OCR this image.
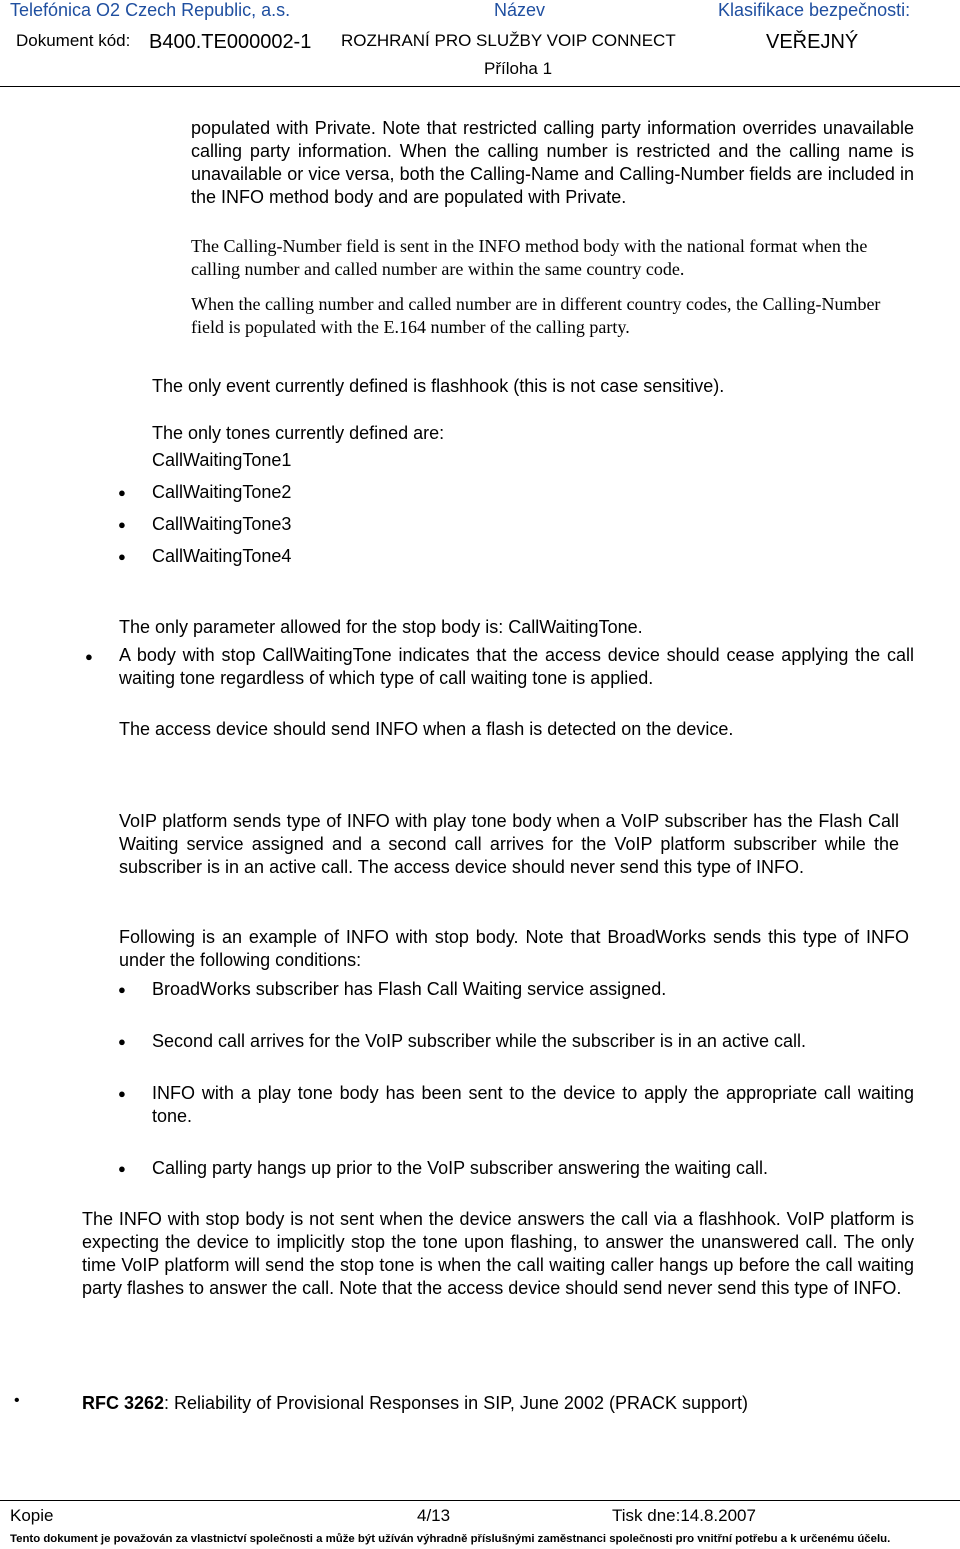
Telefónica O2 Czech Republic, a.s.	Název	Klasifikace bezpečnosti:
Dokument kód: B400.TE000002-1 ROZHRANÍ PRO SLUŽBY VOIP CONNECT	VEŘEJNÝ
Příloha 1
populated with Private. Note that restricted calling party information overrides unavailable calling party information. When the calling number is restricted and the calling name is unavailable or vice versa, both the Calling-Name and Calling-Number fields are included in the INFO method body and are populated with Private.
The Calling-Number field is sent in the INFO method body with the national format when the calling number and called number are within the same country code.
When the calling number and called number are in different country codes, the Calling-Number field is populated with the E.164 number of the calling party.
The only event currently defined is flashhook (this is not case sensitive).
The only tones currently defined are:
CallWaitingTone1
● CallWaitingTone2
● CallWaitingTone3
● CallWaitingTone4
The only parameter allowed for the stop body is: CallWaitingTone.
● A body with stop CallWaitingTone indicates that the access device should cease applying the call waiting tone regardless of which type of call waiting tone is applied.
The access device should send INFO when a flash is detected on the device.
VoIP platform sends type of INFO with play tone body when a VoIP subscriber has the Flash Call Waiting service assigned and a second call arrives for the VoIP platform subscriber while the subscriber is in an active call. The access device should never send this type of INFO.
Following is an example of INFO with stop body. Note that BroadWorks sends this type of INFO under the following conditions:
● BroadWorks subscriber has Flash Call Waiting service assigned.
● Second call arrives for the VoIP subscriber while the subscriber is in an active call.
● INFO with a play tone body has been sent to the device to apply the appropriate call waiting tone.
● Calling party hangs up prior to the VoIP subscriber answering the waiting call.
The INFO with stop body is not sent when the device answers the call via a flashhook. VoIP platform is expecting the device to implicitly stop the tone upon flashing, to answer the unanswered call. The only time VoIP platform will send the stop tone is when the call waiting caller hangs up before the call waiting party flashes to answer the call. Note that the access device should send never send this type of INFO.
•	RFC 3262: Reliability of Provisional Responses in SIP, June 2002 (PRACK support)
Kopie	4/13	Tisk dne:14.8.2007
Tento dokument je považován za vlastnictví společnosti a může být užíván výhradně příslušnými zaměstnanci společnosti pro vnitřní potřebu a k určenému účelu.
